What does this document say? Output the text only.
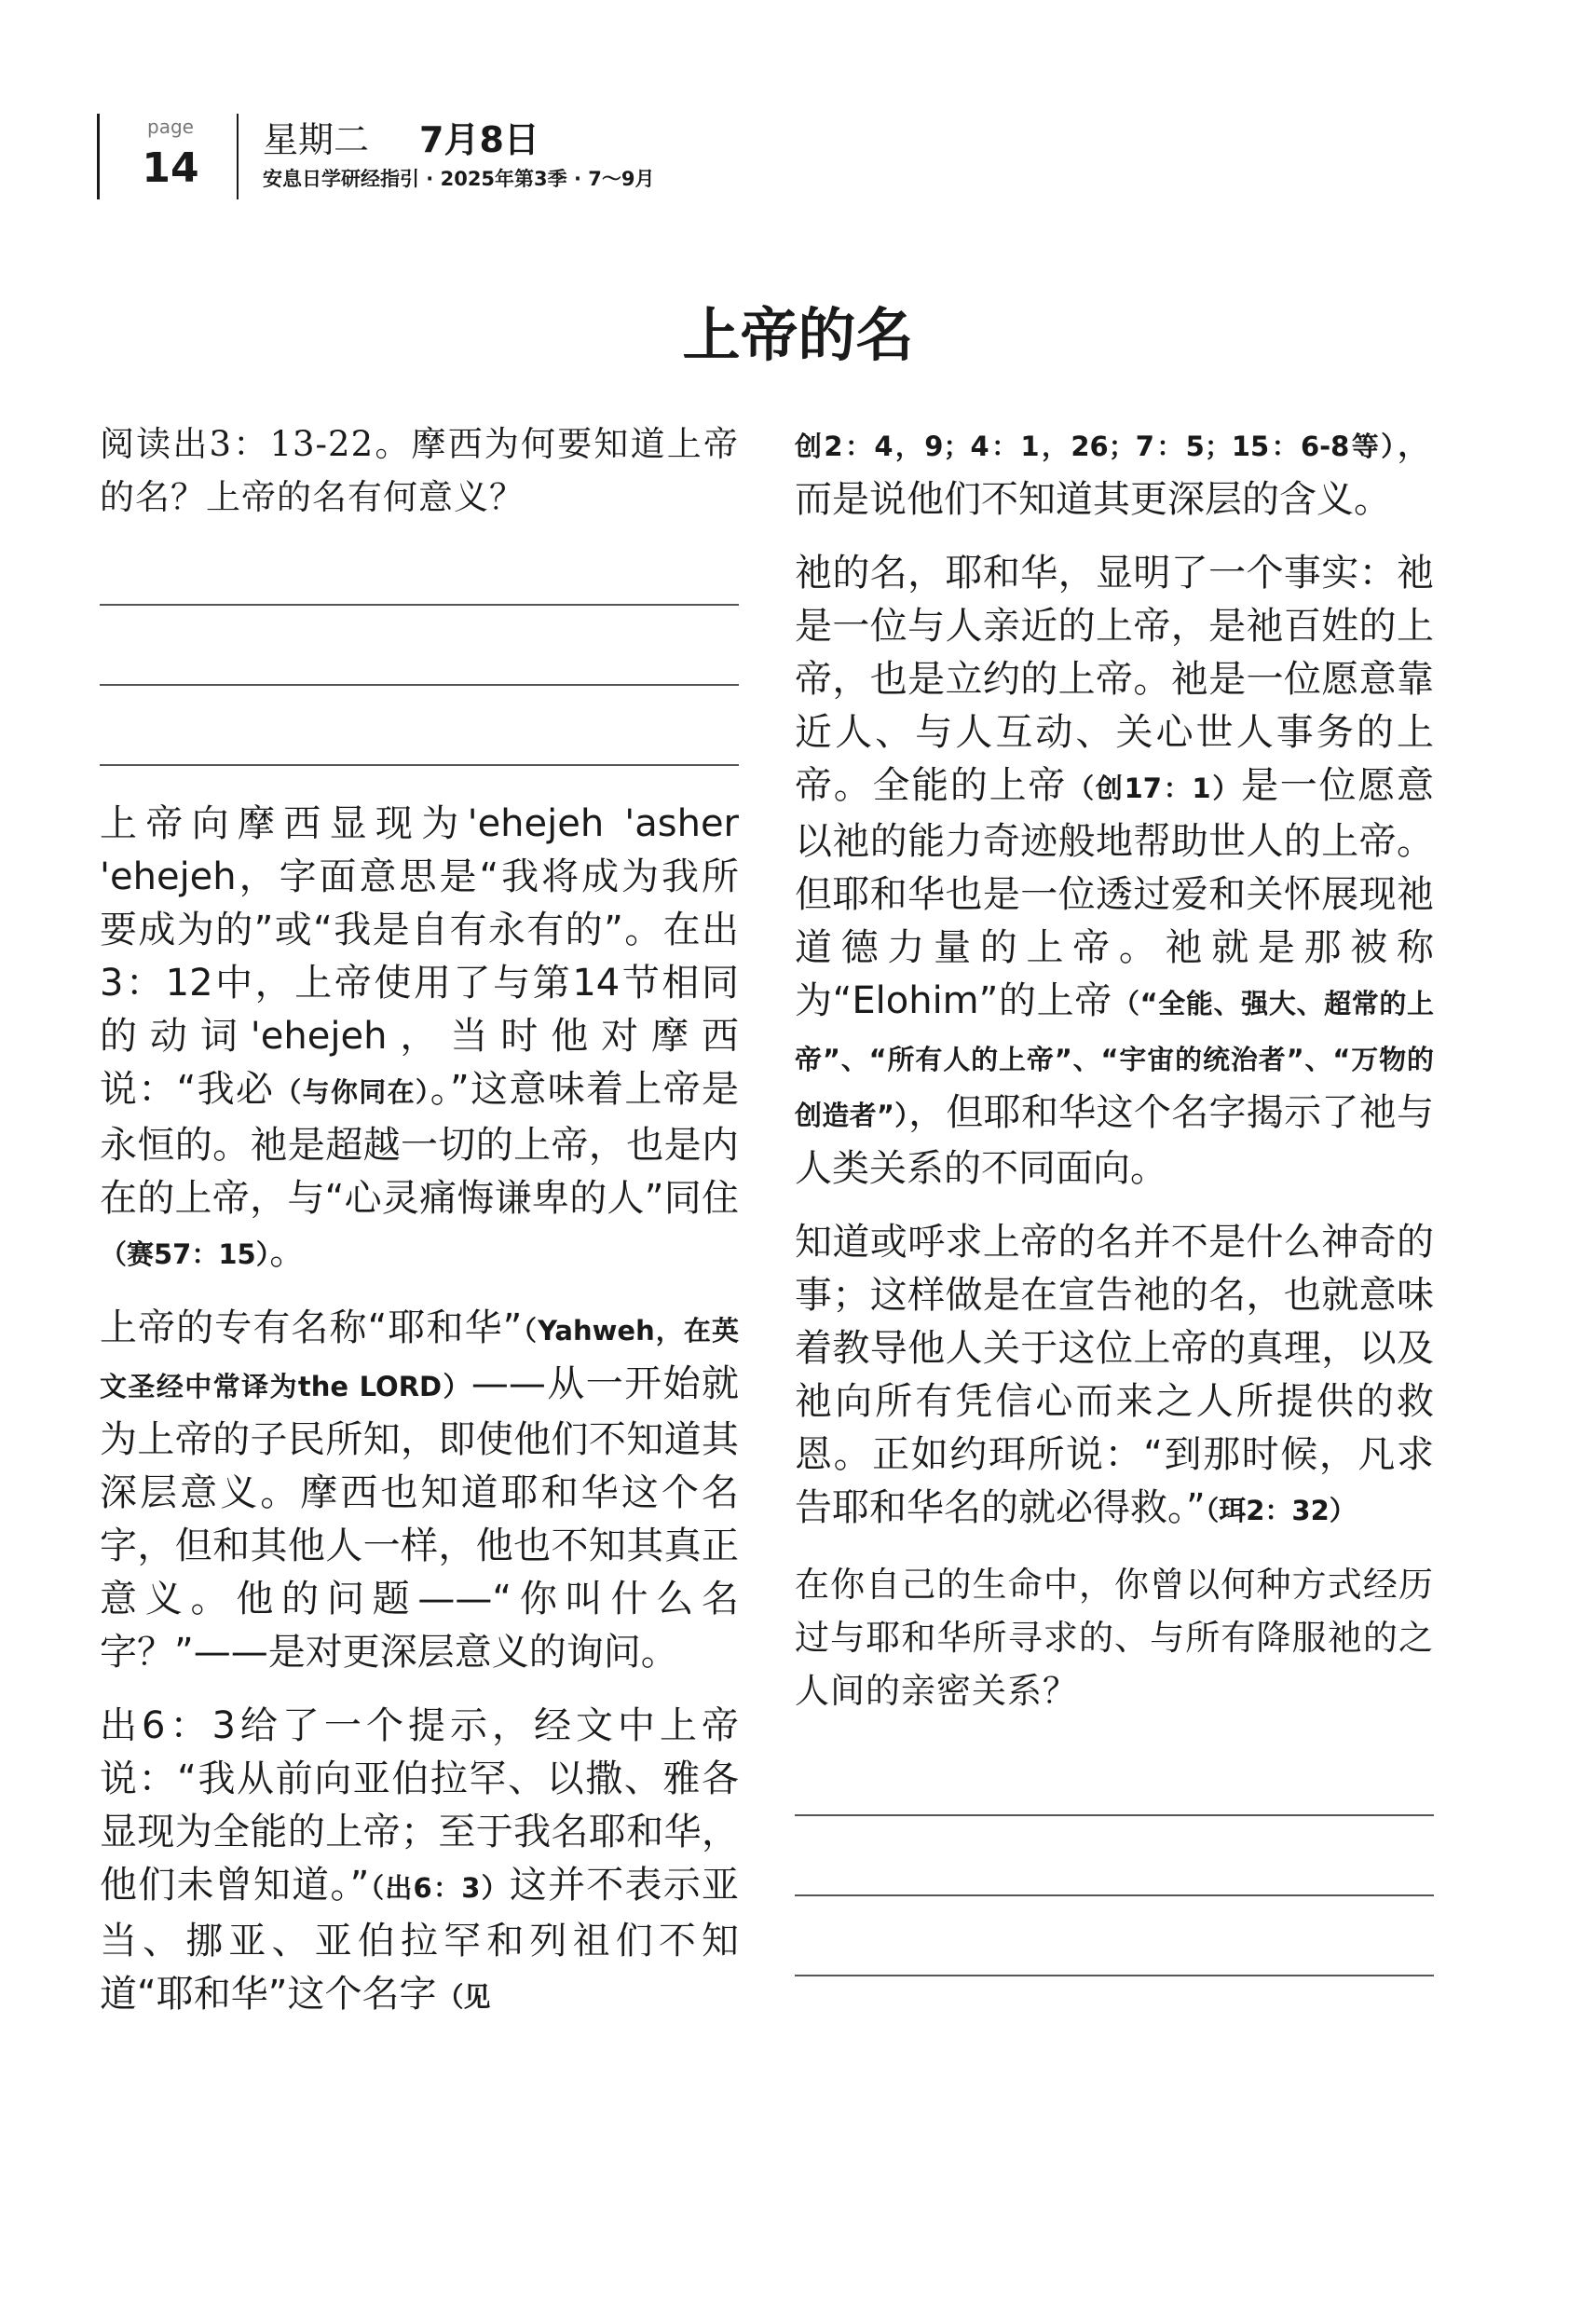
page
14
星期二 7月8日
安息日学研经指引 · 2025年第3季 · 7～9月
上帝的名

阅读出3：13-22。摩西为何要知道上帝的名？上帝的名有何意义？

上帝向摩西显现为'ehejeh 'asher 'ehejeh，字面意思是“我将成为我所要成为的”或“我是自有永有的”。在出3：12中，上帝使用了与第14节相同的动词'ehejeh，当时他对摩西说：“我必（与你同在）。”这意味着上帝是永恒的。祂是超越一切的上帝，也是内在的上帝，与“心灵痛悔谦卑的人”同住（赛57：15）。

上帝的专有名称“耶和华”（Yahweh，在英文圣经中常译为the LORD）——从一开始就为上帝的子民所知，即使他们不知道其深层意义。摩西也知道耶和华这个名字，但和其他人一样，他也不知其真正意义。他的问题——“你叫什么名字？”——是对更深层意义的询问。

出6：3给了一个提示，经文中上帝说：“我从前向亚伯拉罕、以撒、雅各显现为全能的上帝；至于我名耶和华，他们未曾知道。”（出6：3）这并不表示亚当、挪亚、亚伯拉罕和列祖们不知道“耶和华”这个名字（见

创2：4，9；4：1，26；7：5；15：6-8等），而是说他们不知道其更深层的含义。

祂的名，耶和华，显明了一个事实：祂是一位与人亲近的上帝，是祂百姓的上帝，也是立约的上帝。祂是一位愿意靠近人、与人互动、关心世人事务的上帝。全能的上帝（创17：1）是一位愿意以祂的能力奇迹般地帮助世人的上帝。但耶和华也是一位透过爱和关怀展现祂道德力量的上帝。祂就是那被称为“Elohim”的上帝（“全能、强大、超常的上帝”、“所有人的上帝”、“宇宙的统治者”、“万物的创造者”），但耶和华这个名字揭示了祂与人类关系的不同面向。

知道或呼求上帝的名并不是什么神奇的事；这样做是在宣告祂的名，也就意味着教导他人关于这位上帝的真理，以及祂向所有凭信心而来之人所提供的救恩。正如约珥所说：“到那时候，凡求告耶和华名的就必得救。”（珥2：32）

在你自己的生命中，你曾以何种方式经历过与耶和华所寻求的、与所有降服祂的之人间的亲密关系？
